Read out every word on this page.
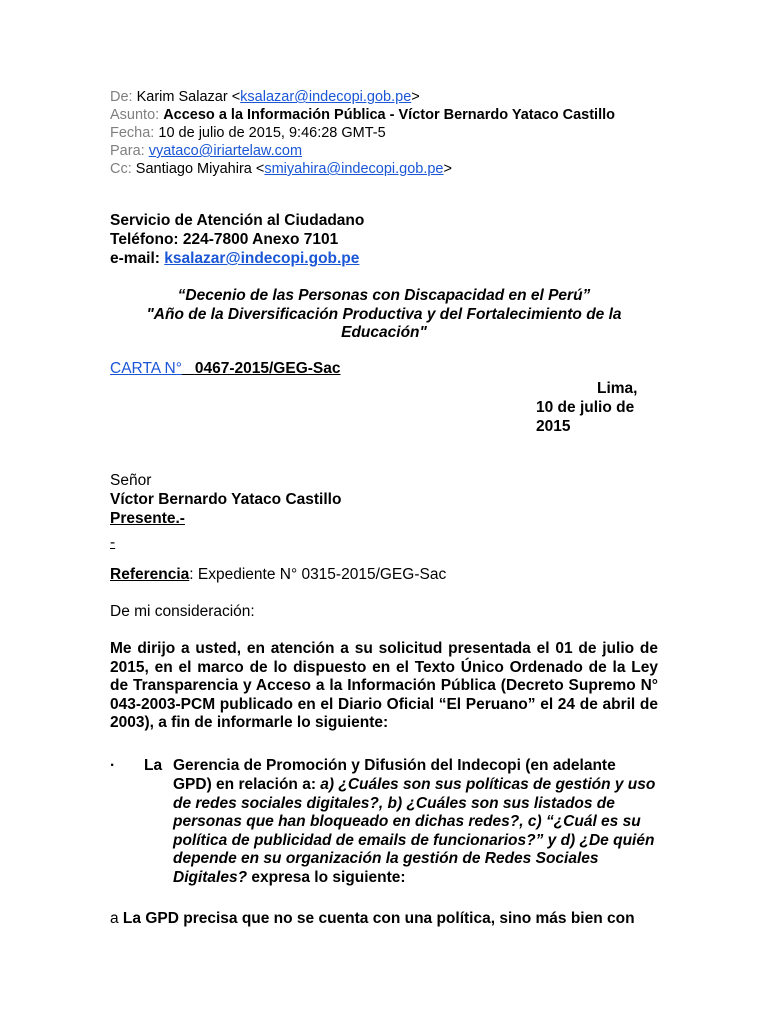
De: Karim Salazar <ksalazar@indecopi.gob.pe>
Asunto: Acceso a la Información Pública - Víctor Bernardo Yataco Castillo
Fecha: 10 de julio de 2015, 9:46:28 GMT-5
Para: vyataco@iriartelaw.com
Cc: Santiago Miyahira <smiyahira@indecopi.gob.pe>
Servicio de Atención al Ciudadano
Teléfono: 224-7800 Anexo 7101
e-mail: ksalazar@indecopi.gob.pe
“Decenio de las Personas con Discapacidad en el Perú”
"Año de la Diversificación Productiva y del Fortalecimiento de la
Educación"
CARTA N° 0467-2015/GEG-Sac
Lima,
10 de julio de
2015
Señor
Víctor Bernardo Yataco Castillo
Presente.-
-
Referencia: Expediente N° 0315-2015/GEG-Sac
De mi consideración:
Me dirijo a usted, en atención a su solicitud presentada el 01 de julio de 2015, en el marco de lo dispuesto en el Texto Único Ordenado de la Ley de Transparencia y Acceso a la Información Pública (Decreto Supremo N° 043-2003-PCM publicado en el Diario Oficial “El Peruano” el 24 de abril de 2003), a fin de informarle lo siguiente:
· La Gerencia de Promoción y Difusión del Indecopi (en adelante
GPD) en relación a: a) ¿Cuáles son sus políticas de gestión y uso de redes sociales digitales?, b) ¿Cuáles son sus listados de personas que han bloqueado en dichas redes?, c) “¿Cuál es su política de publicidad de emails de funcionarios?” y d) ¿De quién depende en su organización la gestión de Redes Sociales Digitales? expresa lo siguiente:
a La GPD precisa que no se cuenta con una política, sino más bien con
